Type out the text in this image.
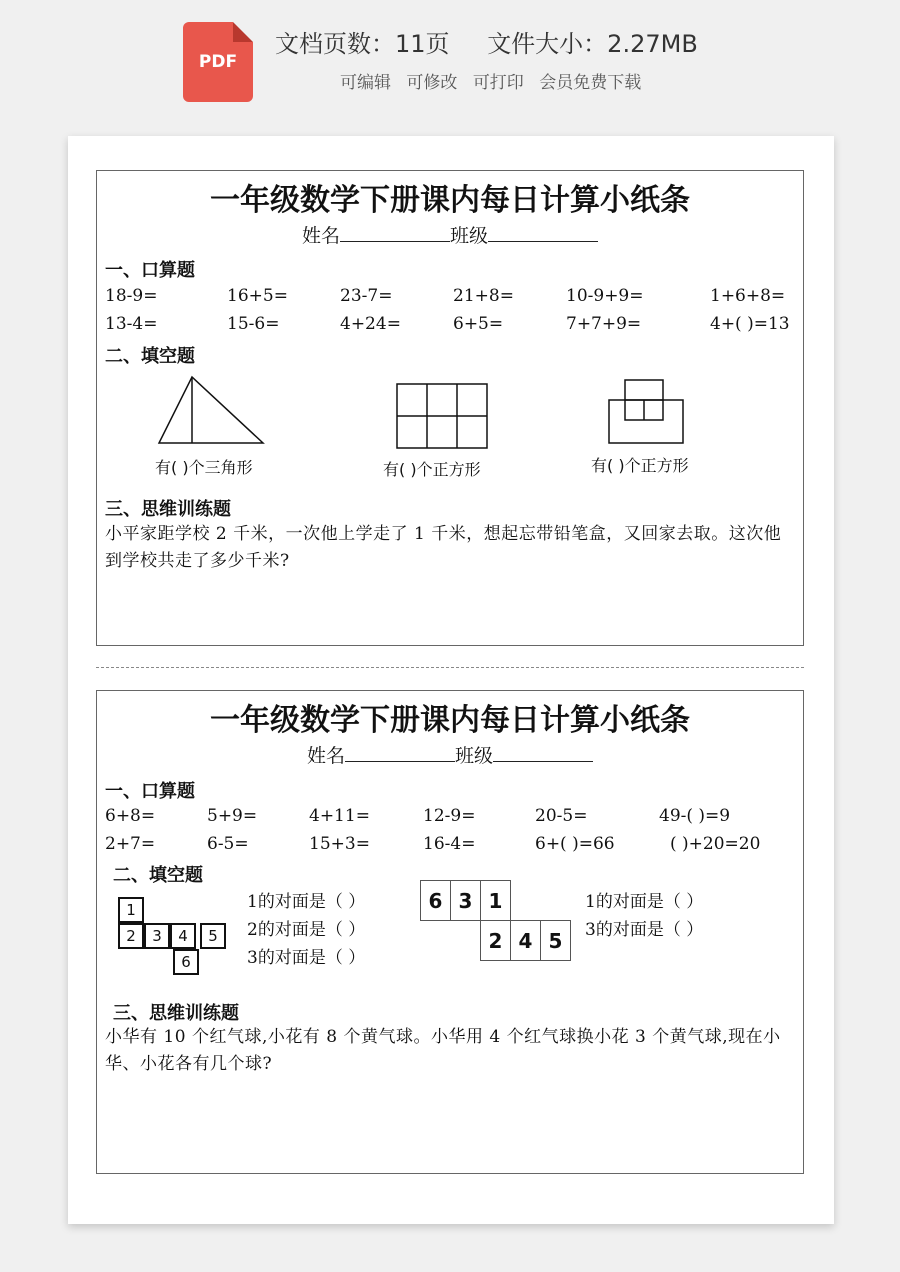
PDF
文档页数：11页 文件大小：2.27MB
可编辑 可修改 可打印 会员免费下载
一年级数学下册课内每日计算小纸条
姓名	班级
一、口算题
18-9=	16+5=	23-7=	21+8=	10-9+9=	1+6+8=
13-4=	15-6=	4+24=	6+5=	7+7+9=	4+( )=13
二、填空题
有( )个三角形	有( )个正方形	有( )个正方形
三、思维训练题
小平家距学校 2 千米，一次他上学走了 1 千米，想起忘带铅笔盒，又回家去取。这次他到学校共走了多少千米?
一年级数学下册课内每日计算小纸条
姓名	班级
一、口算题
6+8=	5+9=	4+11=	12-9=	20-5=	49-( )=9
2+7=	6-5=	15+3=	16-4=	6+( )=66	( )+20=20
二、填空题
1
2	3	4	5
6
1的对面是（ ）
2的对面是（ ）
3的对面是（ ）
6 3 1
2 4 5
1的对面是（ ）
3的对面是（ ）
三、思维训练题
小华有 10 个红气球,小花有 8 个黄气球。小华用 4 个红气球换小花 3 个黄气球,现在小华、小花各有几个球?
